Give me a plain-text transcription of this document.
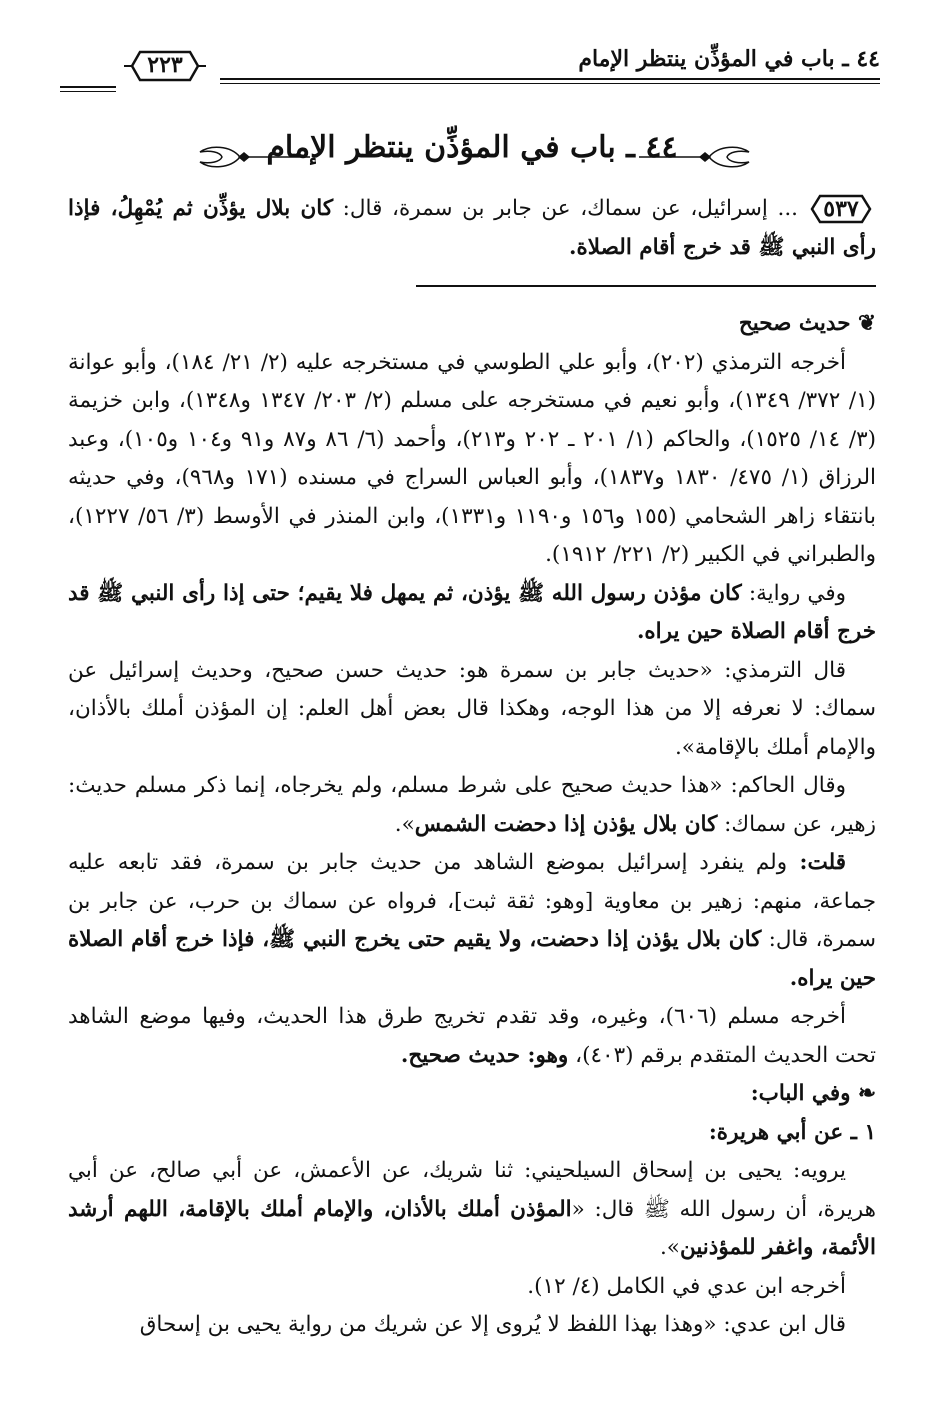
٤٤ ـ باب في المؤذِّن ينتظر الإمام
٢٢٣
٤٤ ـ باب في المؤذِّن ينتظر الإمام

٥٣٧
... إسرائيل، عن سماك، عن جابر بن سمرة، قال: كان بلال يؤذِّن ثم يُمْهِلُ، فإذا رأى النبي ﷺ قد خرج أقام الصلاة.

❦ حديث صحيح

أخرجه الترمذي (٢٠٢)، وأبو علي الطوسي في مستخرجه عليه (٢/ ٢١/ ١٨٤)، وأبو عوانة (١/ ٣٧٢/ ١٣٤٩)، وأبو نعيم في مستخرجه على مسلم (٢/ ٢٠٣/ ١٣٤٧ و١٣٤٨)، وابن خزيمة (٣/ ١٤/ ١٥٢٥)، والحاكم (١/ ٢٠١ ـ ٢٠٢ و٢١٣)، وأحمد (٦/ ٨٦ و٨٧ و٩١ و١٠٤ و١٠٥)، وعبد الرزاق (١/ ٤٧٥/ ١٨٣٠ و١٨٣٧)، وأبو العباس السراج في مسنده (١٧١ و٩٦٨)، وفي حديثه بانتقاء زاهر الشحامي (١٥٥ و١٥٦ و١١٩٠ و١٣٣١)، وابن المنذر في الأوسط (٣/ ٥٦/ ١٢٢٧)، والطبراني في الكبير (٢/ ٢٢١/ ١٩١٢).

وفي رواية: كان مؤذن رسول الله ﷺ يؤذن، ثم يمهل فلا يقيم؛ حتى إذا رأى النبي ﷺ قد خرج أقام الصلاة حين يراه.

قال الترمذي: «حديث جابر بن سمرة هو: حديث حسن صحيح، وحديث إسرائيل عن سماك: لا نعرفه إلا من هذا الوجه، وهكذا قال بعض أهل العلم: إن المؤذن أملك بالأذان، والإمام أملك بالإقامة».

وقال الحاكم: «هذا حديث صحيح على شرط مسلم، ولم يخرجاه، إنما ذكر مسلم حديث: زهير، عن سماك: كان بلال يؤذن إذا دحضت الشمس».

قلت: ولم ينفرد إسرائيل بموضع الشاهد من حديث جابر بن سمرة، فقد تابعه عليه جماعة، منهم: زهير بن معاوية [وهو: ثقة ثبت]، فرواه عن سماك بن حرب، عن جابر بن سمرة، قال: كان بلال يؤذن إذا دحضت، ولا يقيم حتى يخرج النبي ﷺ، فإذا خرج أقام الصلاة حين يراه.

أخرجه مسلم (٦٠٦)، وغيره، وقد تقدم تخريج طرق هذا الحديث، وفيها موضع الشاهد تحت الحديث المتقدم برقم (٤٠٣)، وهو: حديث صحيح.

❧ وفي الباب:

١ ـ عن أبي هريرة:

يرويه: يحيى بن إسحاق السيلحيني: ثنا شريك، عن الأعمش، عن أبي صالح، عن أبي هريرة، أن رسول الله ﷺ قال: «المؤذن أملك بالأذان، والإمام أملك بالإقامة، اللهم أرشد الأئمة، واغفر للمؤذنين».

أخرجه ابن عدي في الكامل (٤/ ١٢).

قال ابن عدي: «وهذا بهذا اللفظ لا يُروى إلا عن شريك من رواية يحيى بن إسحاق
